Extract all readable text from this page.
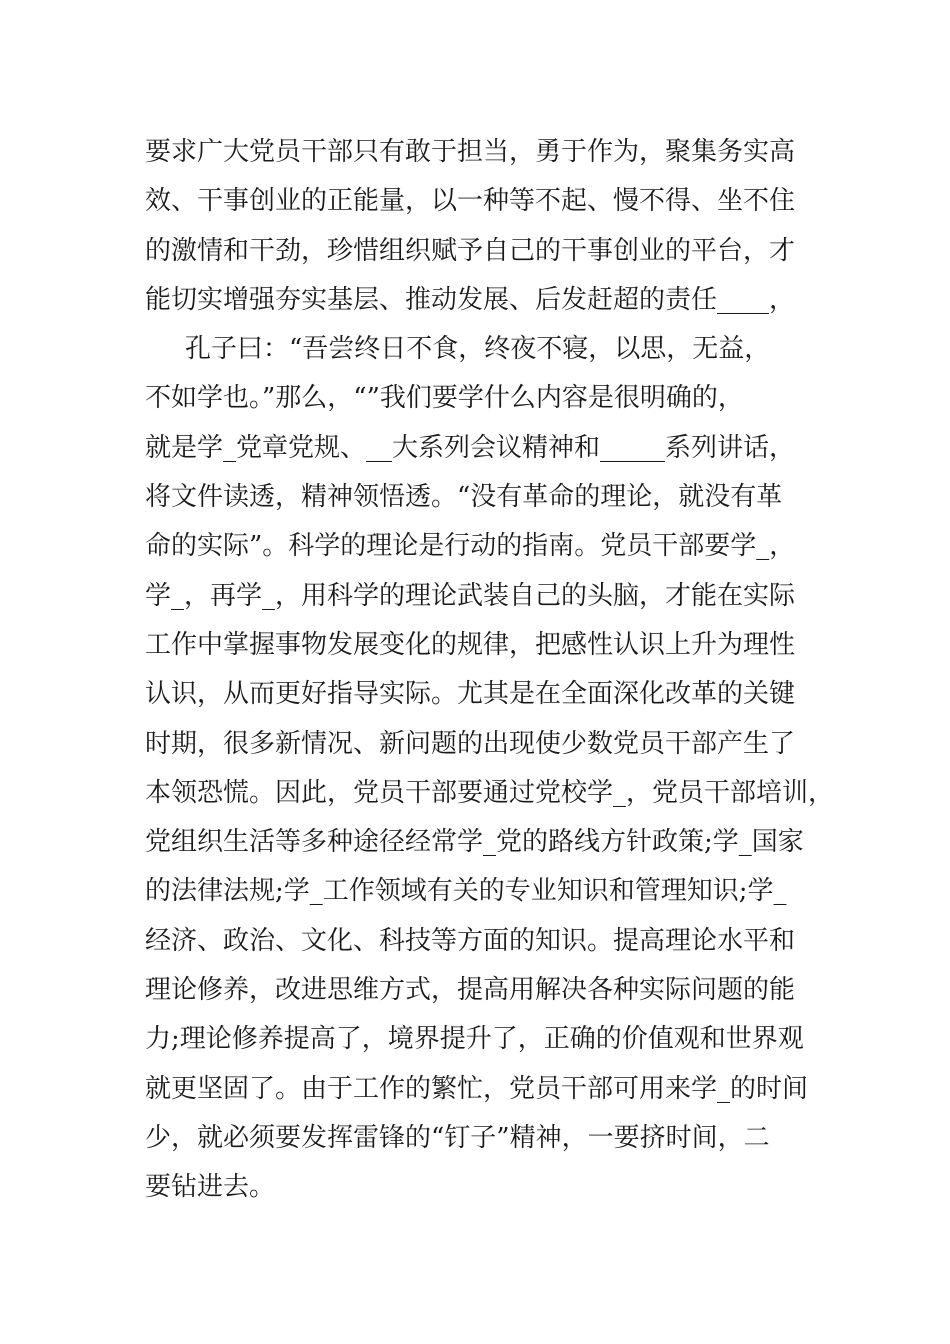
要求广大党员干部只有敢于担当，勇于作为，聚集务实高
效、干事创业的正能量，以一种等不起、慢不得、坐不住
的激情和干劲，珍惜组织赋予自己的干事创业的平台，才
能切实增强夯实基层、推动发展、后发赶超的责任____，
孔子曰：“吾尝终日不食，终夜不寝，以思，无益，
不如学也。”那么，“”我们要学什么内容是很明确的，
就是学_党章党规、__大系列会议精神和_____系列讲话，
将文件读透，精神领悟透。“没有革命的理论，就没有革
命的实际”。科学的理论是行动的指南。党员干部要学_，
学_，再学_，用科学的理论武装自己的头脑，才能在实际
工作中掌握事物发展变化的规律，把感性认识上升为理性
认识，从而更好指导实际。尤其是在全面深化改革的关键
时期，很多新情况、新问题的出现使少数党员干部产生了
本领恐慌。因此，党员干部要通过党校学_，党员干部培训，
党组织生活等多种途径经常学_党的路线方针政策;学_国家
的法律法规;学_工作领域有关的专业知识和管理知识;学_
经济、政治、文化、科技等方面的知识。提高理论水平和
理论修养，改进思维方式，提高用解决各种实际问题的能
力;理论修养提高了，境界提升了，正确的价值观和世界观
就更坚固了。由于工作的繁忙，党员干部可用来学_的时间
少，就必须要发挥雷锋的“钉子”精神，一要挤时间，二
要钻进去。
